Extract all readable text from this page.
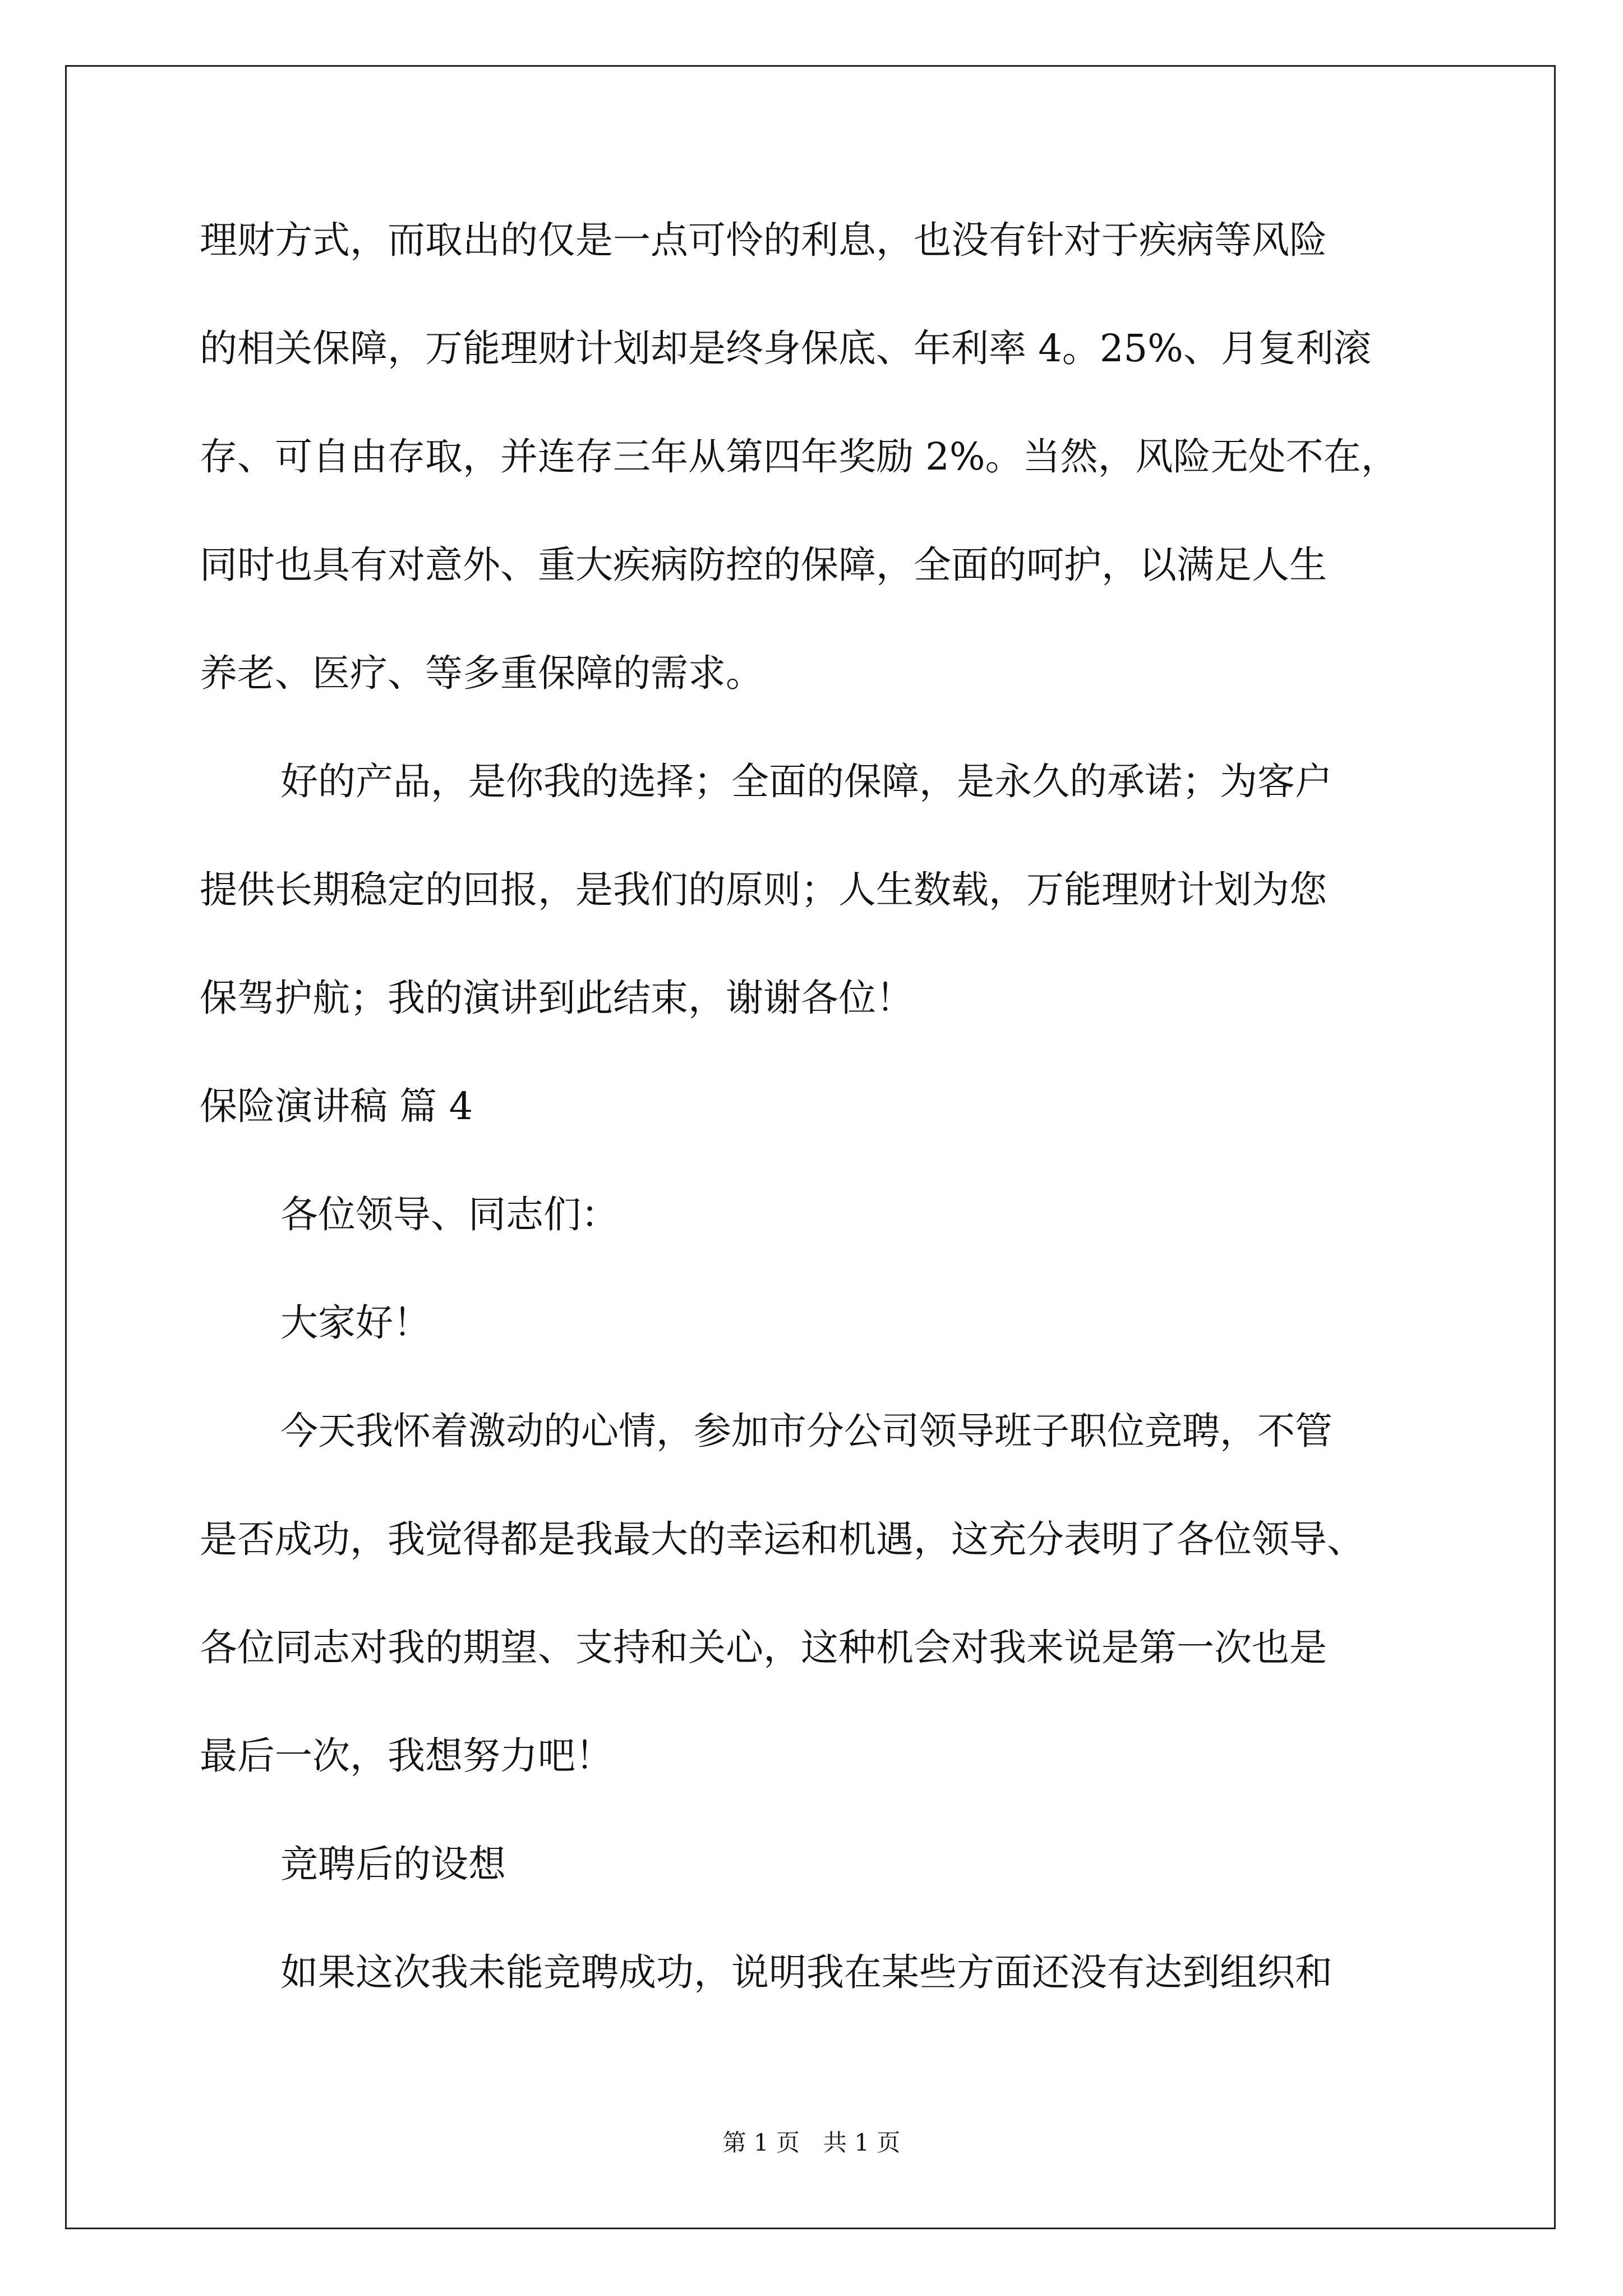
理财方式，而取出的仅是一点可怜的利息，也没有针对于疾病等风险
的相关保障，万能理财计划却是终身保底、年利率 4。25%、月复利滚
存、可自由存取，并连存三年从第四年奖励 2%。当然，风险无处不在，
同时也具有对意外、重大疾病防控的保障，全面的呵护，以满足人生
养老、医疗、等多重保障的需求。
好的产品，是你我的选择；全面的保障，是永久的承诺；为客户
提供长期稳定的回报，是我们的原则；人生数载，万能理财计划为您
保驾护航；我的演讲到此结束，谢谢各位！
保险演讲稿 篇 4
各位领导、同志们：
大家好！
今天我怀着激动的心情，参加市分公司领导班子职位竞聘，不管
是否成功，我觉得都是我最大的幸运和机遇，这充分表明了各位领导、
各位同志对我的期望、支持和关心，这种机会对我来说是第一次也是
最后一次，我想努力吧！
竞聘后的设想
如果这次我未能竞聘成功，说明我在某些方面还没有达到组织和
第 1 页　共 1 页
